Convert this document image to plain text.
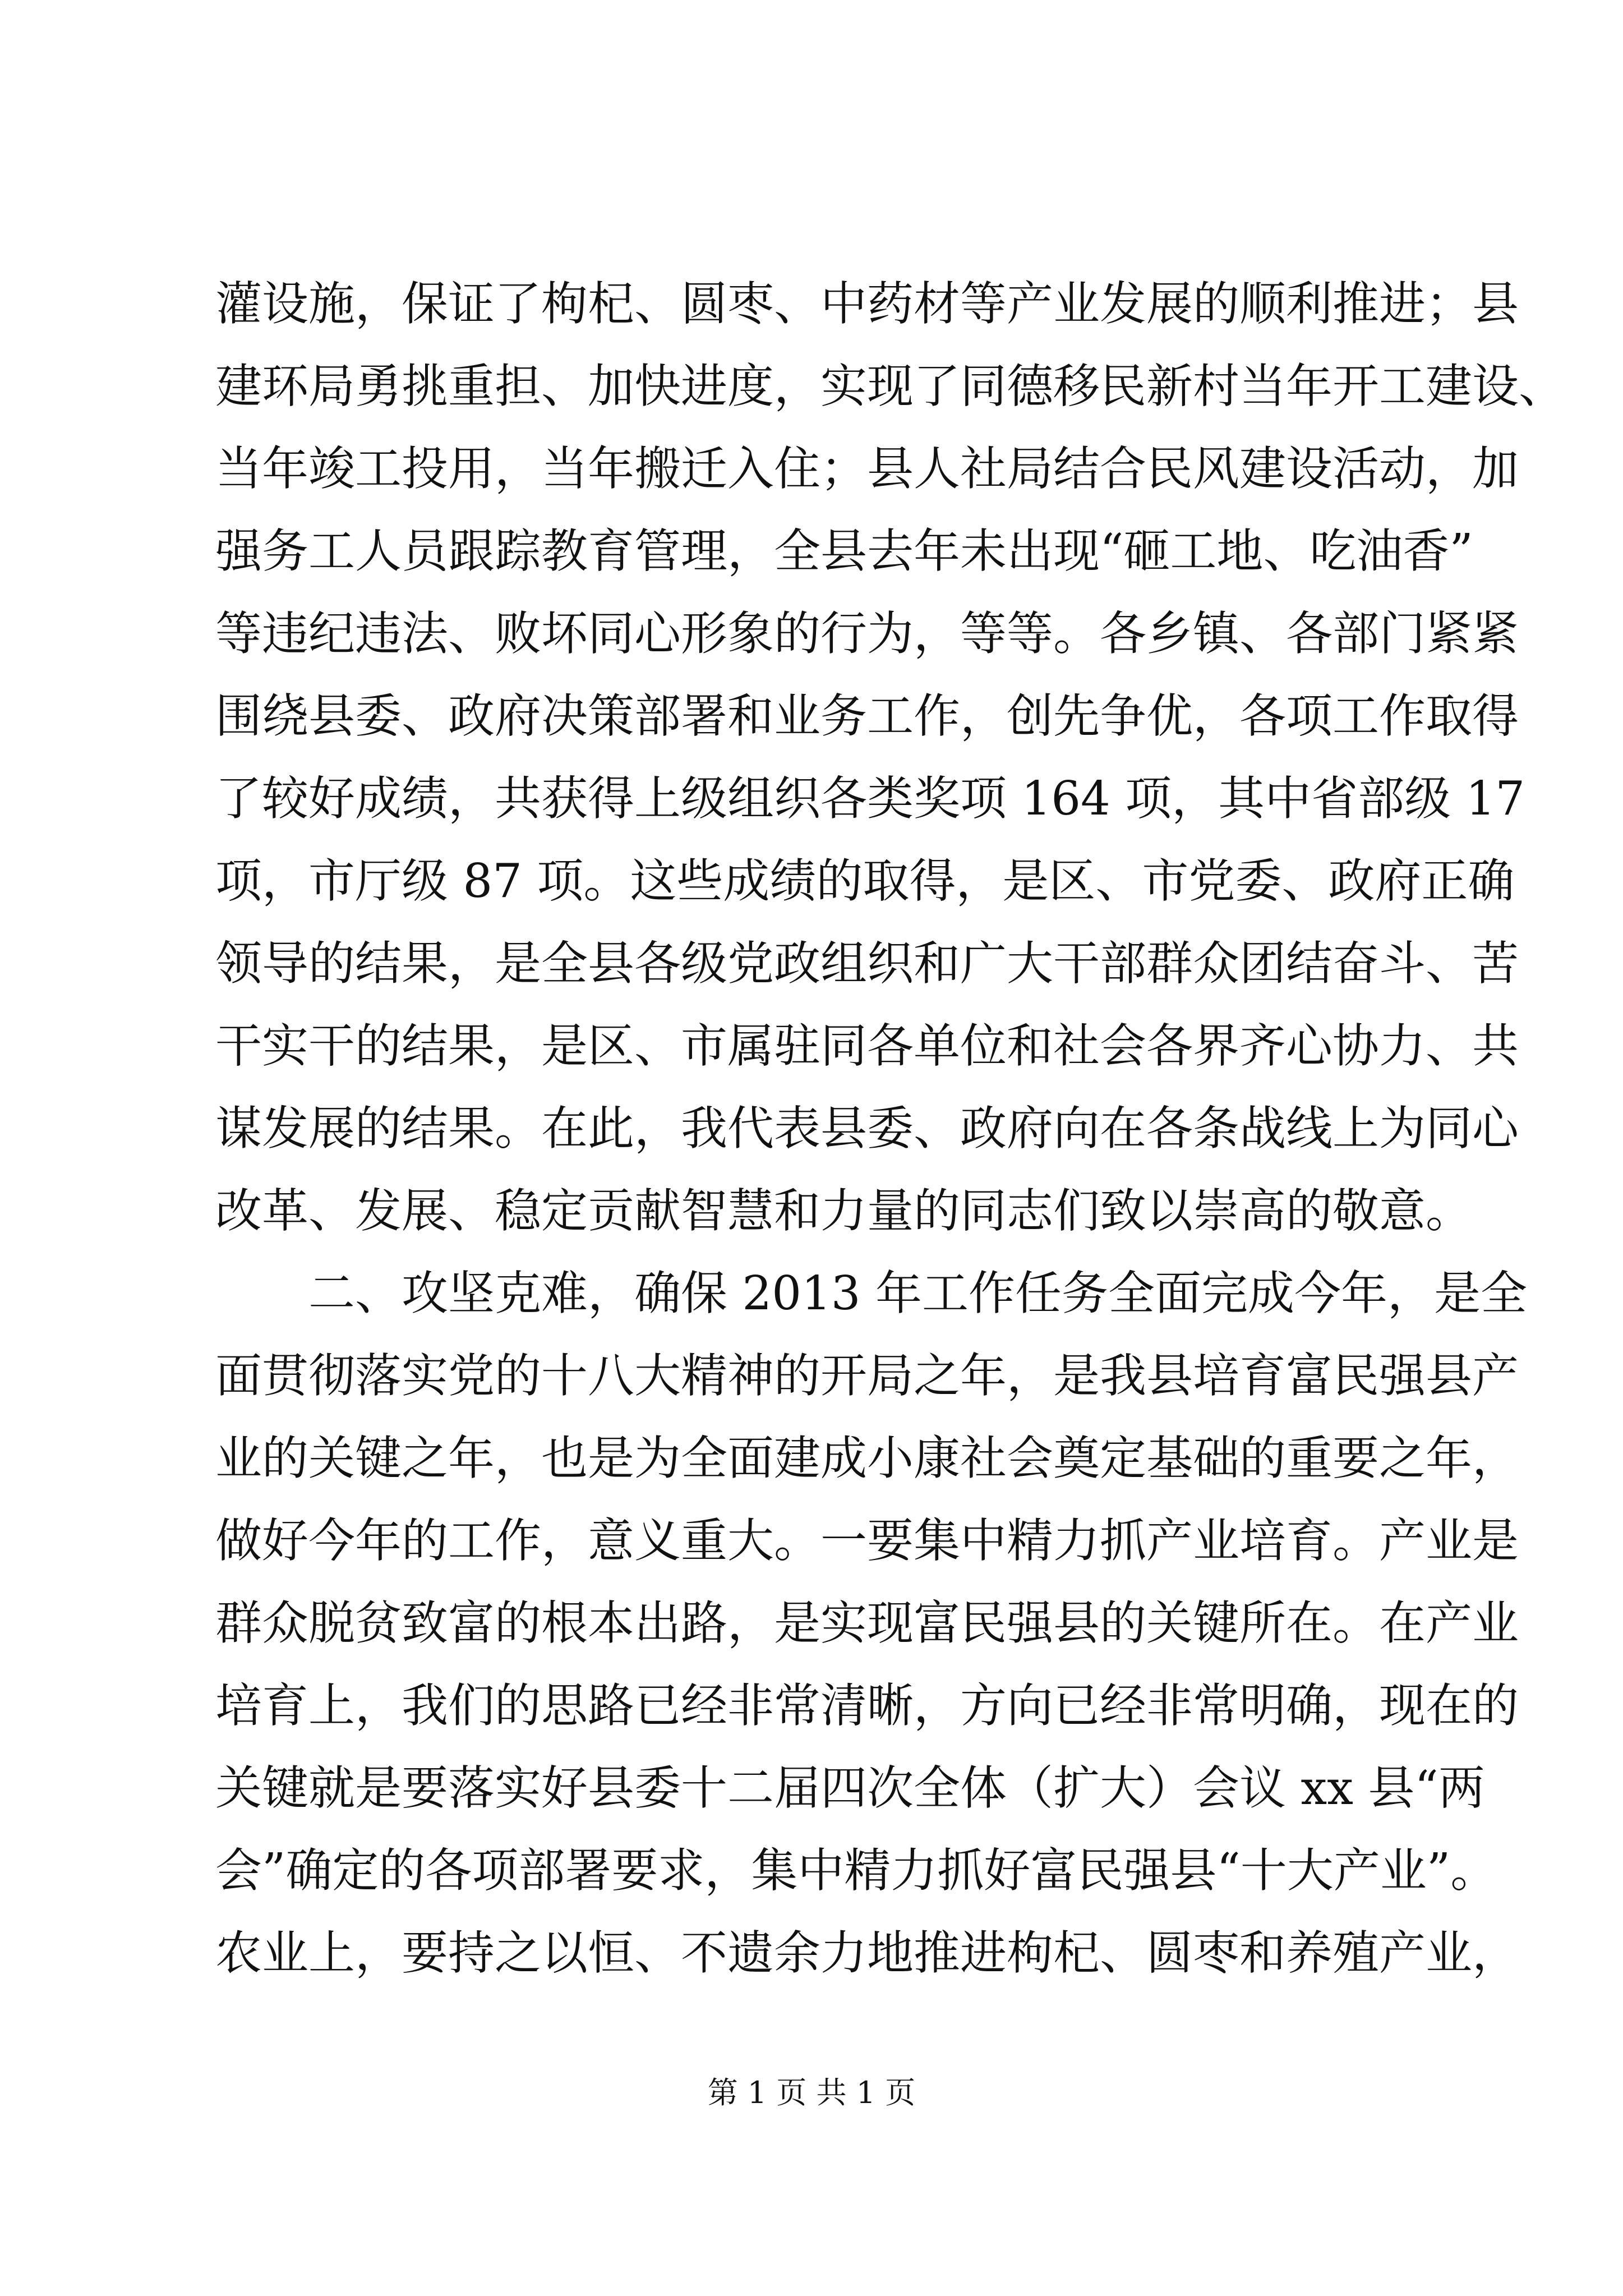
灌设施，保证了枸杞、圆枣、中药材等产业发展的顺利推进；县
建环局勇挑重担、加快进度，实现了同德移民新村当年开工建设、
当年竣工投用，当年搬迁入住；县人社局结合民风建设活动，加
强务工人员跟踪教育管理，全县去年未出现“砸工地、吃油香”
等违纪违法、败坏同心形象的行为，等等。各乡镇、各部门紧紧
围绕县委、政府决策部署和业务工作，创先争优，各项工作取得
了较好成绩，共获得上级组织各类奖项 164 项，其中省部级 17
项，市厅级 87 项。这些成绩的取得，是区、市党委、政府正确
领导的结果，是全县各级党政组织和广大干部群众团结奋斗、苦
干实干的结果，是区、市属驻同各单位和社会各界齐心协力、共
谋发展的结果。在此，我代表县委、政府向在各条战线上为同心
改革、发展、稳定贡献智慧和力量的同志们致以崇高的敬意。
二、攻坚克难，确保 2013 年工作任务全面完成今年，是全
面贯彻落实党的十八大精神的开局之年，是我县培育富民强县产
业的关键之年，也是为全面建成小康社会奠定基础的重要之年，
做好今年的工作，意义重大。一要集中精力抓产业培育。产业是
群众脱贫致富的根本出路，是实现富民强县的关键所在。在产业
培育上，我们的思路已经非常清晰，方向已经非常明确，现在的
关键就是要落实好县委十二届四次全体（扩大）会议 xx 县“两
会”确定的各项部署要求，集中精力抓好富民强县“十大产业”。
农业上，要持之以恒、不遗余力地推进枸杞、圆枣和养殖产业，
第 1 页 共 1 页
